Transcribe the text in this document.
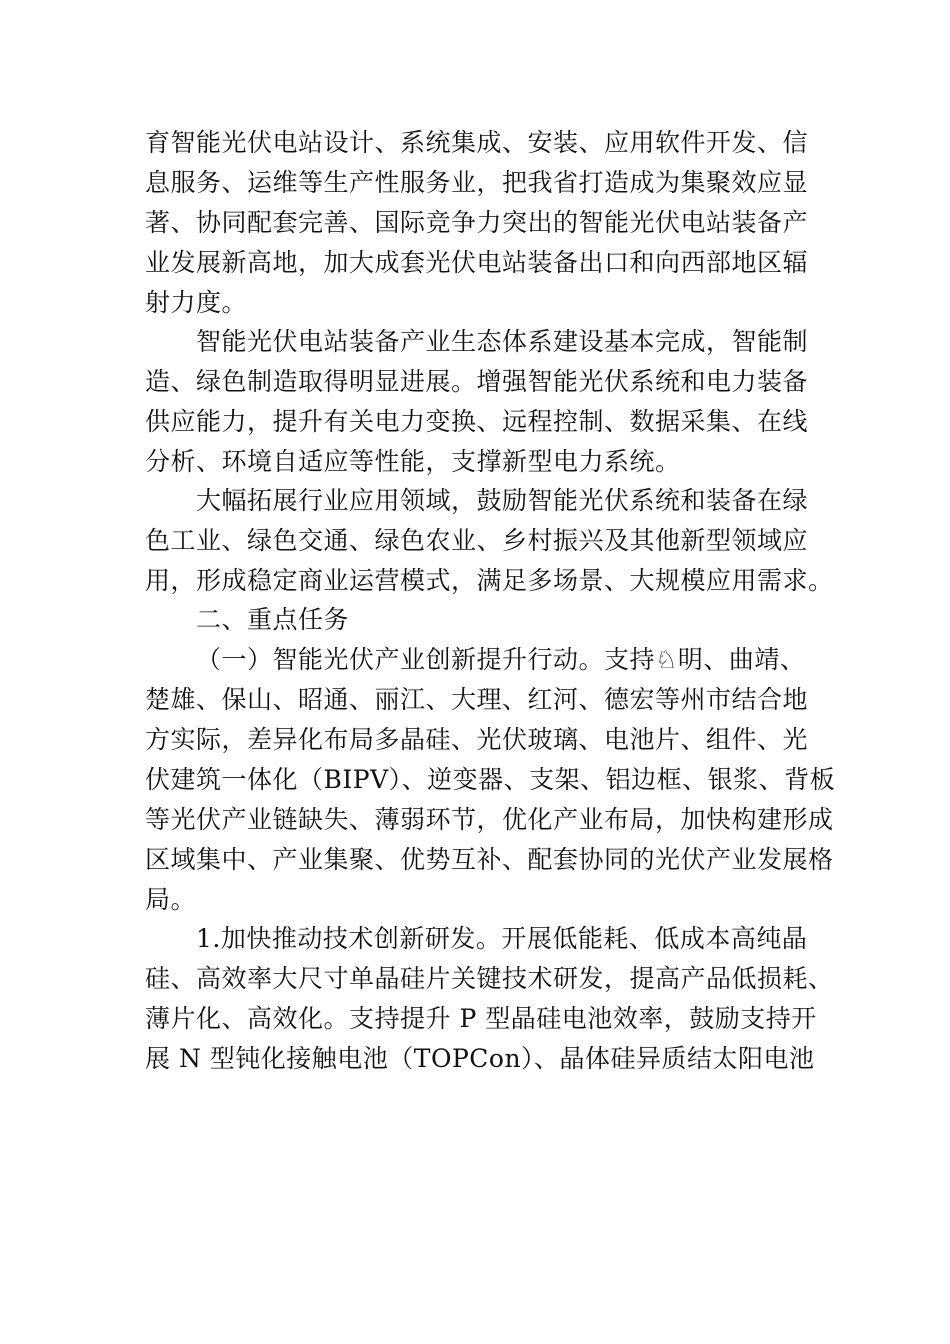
育智能光伏电站设计、系统集成、安装、应用软件开发、信
息服务、运维等生产性服务业，把我省打造成为集聚效应显
著、协同配套完善、国际竞争力突出的智能光伏电站装备产
业发展新高地，加大成套光伏电站装备出口和向西部地区辐
射力度。
智能光伏电站装备产业生态体系建设基本完成，智能制
造、绿色制造取得明显进展。增强智能光伏系统和电力装备
供应能力，提升有关电力变换、远程控制、数据采集、在线
分析、环境自适应等性能，支撑新型电力系统。
大幅拓展行业应用领域，鼓励智能光伏系统和装备在绿
色工业、绿色交通、绿色农业、乡村振兴及其他新型领域应
用，形成稳定商业运营模式，满足多场景、大规模应用需求。
二、重点任务
（一）智能光伏产业创新提升行动。支持♘明、曲靖、
楚雄、保山、昭通、丽江、大理、红河、德宏等州市结合地
方实际，差异化布局多晶硅、光伏玻璃、电池片、组件、光
伏建筑一体化（BIPV）、逆变器、支架、铝边框、银浆、背板
等光伏产业链缺失、薄弱环节，优化产业布局，加快构建形成
区域集中、产业集聚、优势互补、配套协同的光伏产业发展格
局。
1.加快推动技术创新研发。开展低能耗、低成本高纯晶
硅、高效率大尺寸单晶硅片关键技术研发，提高产品低损耗、
薄片化、高效化。支持提升 P 型晶硅电池效率，鼓励支持开
展 N 型钝化接触电池（TOPCon）、晶体硅异质结太阳电池
